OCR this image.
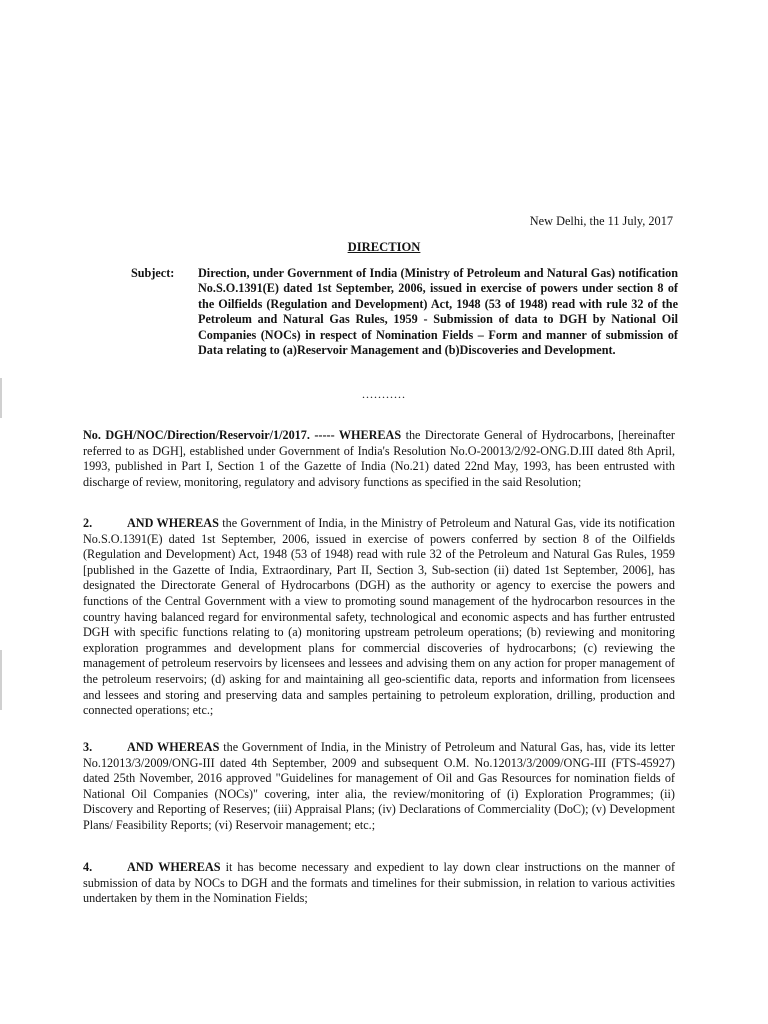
New Delhi, the 11 July, 2017
DIRECTION
Subject: Direction, under Government of India (Ministry of Petroleum and Natural Gas) notification No.S.O.1391(E) dated 1st September, 2006, issued in exercise of powers under section 8 of the Oilfields (Regulation and Development) Act, 1948 (53 of 1948) read with rule 32 of the Petroleum and Natural Gas Rules, 1959 - Submission of data to DGH by National Oil Companies (NOCs) in respect of Nomination Fields – Form and manner of submission of Data relating to (a)Reservoir Management and (b)Discoveries and Development.
...........
No. DGH/NOC/Direction/Reservoir/1/2017. ----- WHEREAS the Directorate General of Hydrocarbons, [hereinafter referred to as DGH], established under Government of India's Resolution No.O-20013/2/92-ONG.D.III dated 8th April, 1993, published in Part I, Section 1 of the Gazette of India (No.21) dated 22nd May, 1993, has been entrusted with discharge of review, monitoring, regulatory and advisory functions as specified in the said Resolution;
2.	AND WHEREAS the Government of India, in the Ministry of Petroleum and Natural Gas, vide its notification No.S.O.1391(E) dated 1st September, 2006, issued in exercise of powers conferred by section 8 of the Oilfields (Regulation and Development) Act, 1948 (53 of 1948) read with rule 32 of the Petroleum and Natural Gas Rules, 1959 [published in the Gazette of India, Extraordinary, Part II, Section 3, Sub-section (ii) dated 1st September, 2006], has designated the Directorate General of Hydrocarbons (DGH) as the authority or agency to exercise the powers and functions of the Central Government with a view to promoting sound management of the hydrocarbon resources in the country having balanced regard for environmental safety, technological and economic aspects and has further entrusted DGH with specific functions relating to (a) monitoring upstream petroleum operations; (b) reviewing and monitoring exploration programmes and development plans for commercial discoveries of hydrocarbons; (c) reviewing the management of petroleum reservoirs by licensees and lessees and advising them on any action for proper management of the petroleum reservoirs; (d) asking for and maintaining all geo-scientific data, reports and information from licensees and lessees and storing and preserving data and samples pertaining to petroleum exploration, drilling, production and connected operations; etc.;
3.	AND WHEREAS the Government of India, in the Ministry of Petroleum and Natural Gas, has, vide its letter No.12013/3/2009/ONG-III dated 4th September, 2009 and subsequent O.M. No.12013/3/2009/ONG-III (FTS-45927) dated 25th November, 2016 approved "Guidelines for management of Oil and Gas Resources for nomination fields of National Oil Companies (NOCs)" covering, inter alia, the review/monitoring of (i) Exploration Programmes; (ii) Discovery and Reporting of Reserves; (iii) Appraisal Plans; (iv) Declarations of Commerciality (DoC); (v) Development Plans/ Feasibility Reports; (vi) Reservoir management; etc.;
4.	AND WHEREAS it has become necessary and expedient to lay down clear instructions on the manner of submission of data by NOCs to DGH and the formats and timelines for their submission, in relation to various activities undertaken by them in the Nomination Fields;
